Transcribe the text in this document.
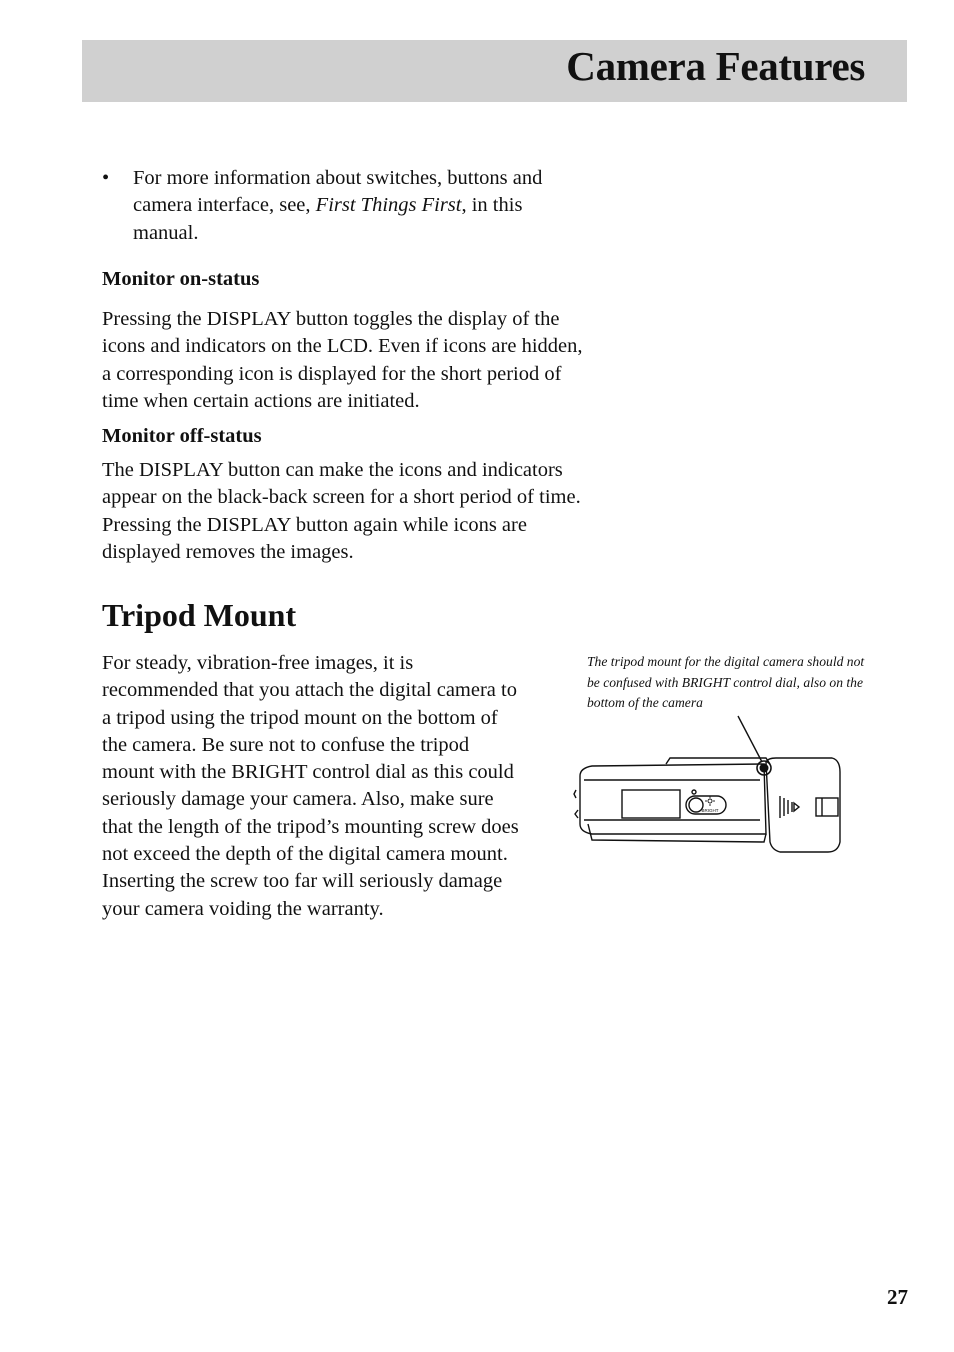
Camera Features
• For more information about switches, buttons and camera interface, see, First Things First, in this manual.
Monitor on-status
Pressing the DISPLAY button toggles the display of the icons and indicators on the LCD. Even if icons are hidden, a corresponding icon is displayed for the short period of time when certain actions are initiated.
Monitor off-status
The DISPLAY button can make the icons and indicators appear on the black-back screen for a short period of time. Pressing the DISPLAY button again while icons are displayed removes the images.
Tripod Mount
For steady, vibration-free images, it is recommended that you attach the digital camera to a tripod using the tripod mount on the bottom of the camera. Be sure not to confuse the tripod mount with the BRIGHT control dial as this could seriously damage your camera. Also, make sure that the length of the tripod’s mounting screw does not exceed the depth of the digital camera mount. Inserting the screw too far will seriously damage your camera voiding the warranty.
The tripod mount for the digital camera should not be confused with BRIGHT control dial, also on the bottom of the camera
BRIGHT
27
